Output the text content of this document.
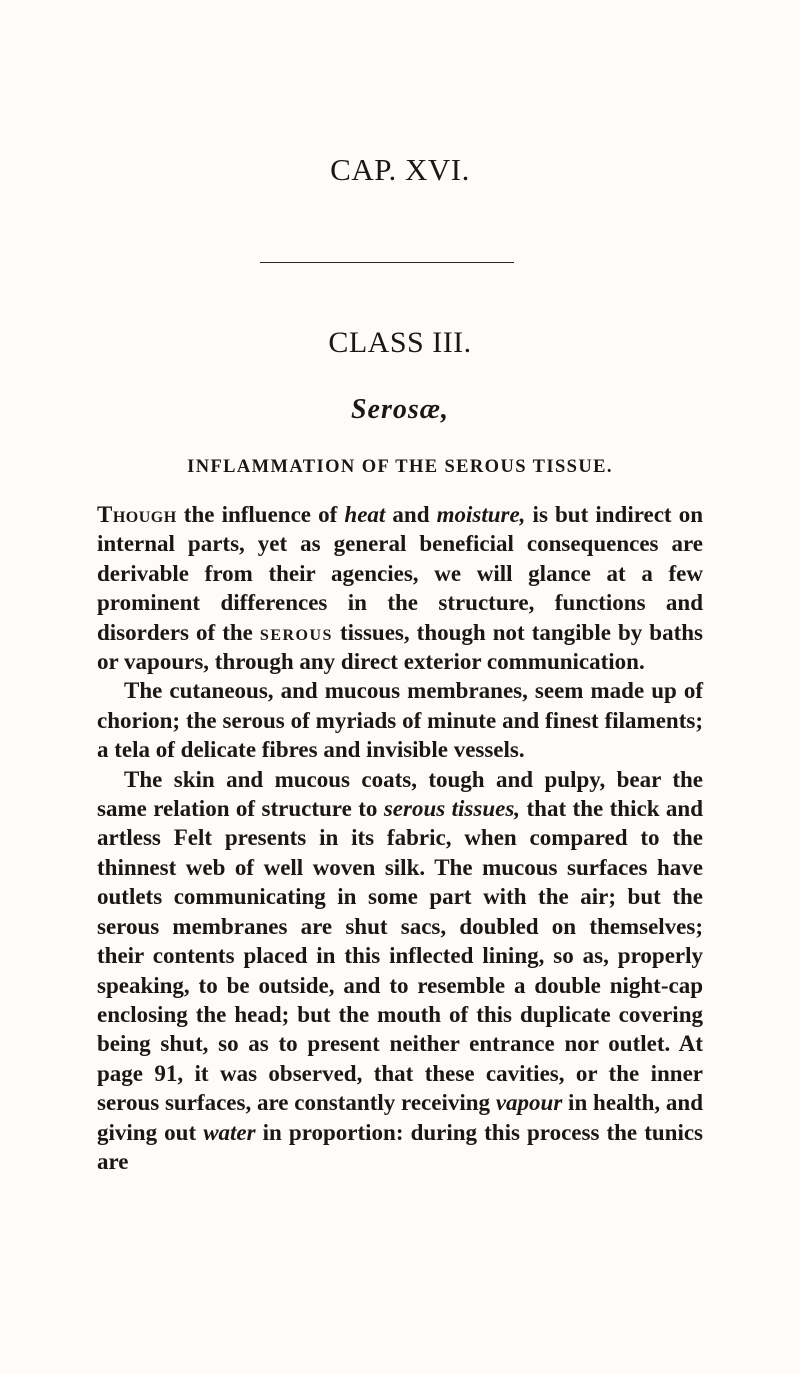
CAP. XVI.
CLASS III.
Serosæ,
INFLAMMATION OF THE SEROUS TISSUE.

Though the influence of heat and moisture, is but indirect on internal parts, yet as general beneficial consequences are derivable from their agencies, we will glance at a few prominent differences in the structure, functions and disorders of the serous tissues, though not tangible by baths or vapours, through any direct exterior communication.

The cutaneous, and mucous membranes, seem made up of chorion; the serous of myriads of minute and finest filaments; a tela of delicate fibres and invisible vessels.

The skin and mucous coats, tough and pulpy, bear the same relation of structure to serous tissues, that the thick and artless Felt presents in its fabric, when compared to the thinnest web of well woven silk. The mucous surfaces have outlets communicating in some part with the air; but the serous membranes are shut sacs, doubled on themselves; their contents placed in this inflected lining, so as, properly speaking, to be outside, and to resemble a double night-cap enclosing the head; but the mouth of this duplicate covering being shut, so as to present neither entrance nor outlet. At page 91, it was observed, that these cavities, or the inner serous surfaces, are constantly receiving vapour in health, and giving out water in proportion: during this process the tunics are
